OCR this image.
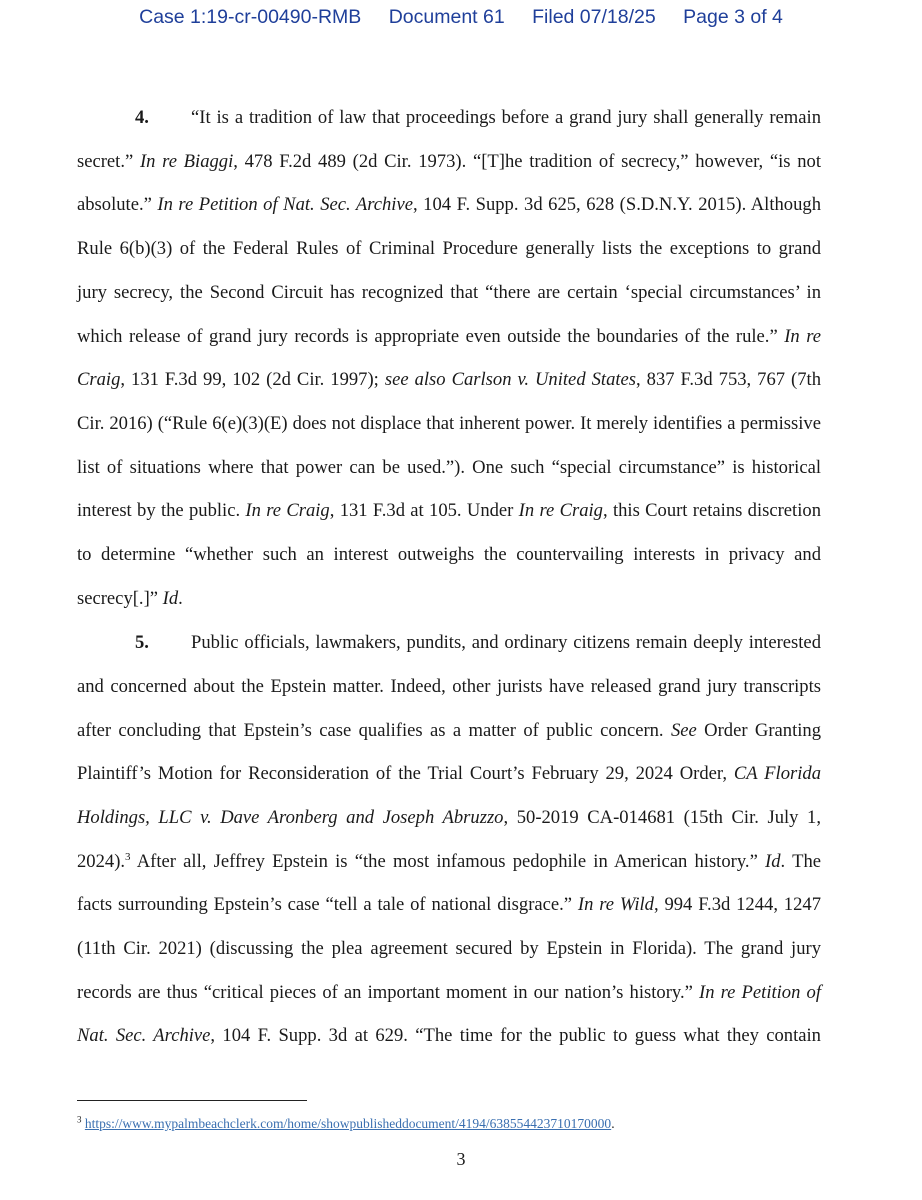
Case 1:19-cr-00490-RMB Document 61 Filed 07/18/25 Page 3 of 4
4. “It is a tradition of law that proceedings before a grand jury shall generally remain
secret.” In re Biaggi, 478 F.2d 489 (2d Cir. 1973). “[T]he tradition of secrecy,” however, “is not
absolute.” In re Petition of Nat. Sec. Archive, 104 F. Supp. 3d 625, 628 (S.D.N.Y. 2015). Although
Rule 6(b)(3) of the Federal Rules of Criminal Procedure generally lists the exceptions to grand
jury secrecy, the Second Circuit has recognized that “there are certain ‘special circumstances’ in
which release of grand jury records is appropriate even outside the boundaries of the rule.” In re
Craig, 131 F.3d 99, 102 (2d Cir. 1997); see also Carlson v. United States, 837 F.3d 753, 767 (7th
Cir. 2016) (“Rule 6(e)(3)(E) does not displace that inherent power. It merely identifies a permissive
list of situations where that power can be used.”). One such “special circumstance” is historical
interest by the public. In re Craig, 131 F.3d at 105. Under In re Craig, this Court retains discretion
to determine “whether such an interest outweighs the countervailing interests in privacy and
secrecy[.]” Id.
5. Public officials, lawmakers, pundits, and ordinary citizens remain deeply interested
and concerned about the Epstein matter. Indeed, other jurists have released grand jury transcripts
after concluding that Epstein’s case qualifies as a matter of public concern. See Order Granting
Plaintiff’s Motion for Reconsideration of the Trial Court’s February 29, 2024 Order, CA Florida
Holdings, LLC v. Dave Aronberg and Joseph Abruzzo, 50-2019 CA-014681 (15th Cir. July 1,
2024).$^3$ After all, Jeffrey Epstein is “the most infamous pedophile in American history.” Id. The
facts surrounding Epstein’s case “tell a tale of national disgrace.” In re Wild, 994 F.3d 1244, 1247
(11th Cir. 2021) (discussing the plea agreement secured by Epstein in Florida). The grand jury
records are thus “critical pieces of an important moment in our nation’s history.” In re Petition of
Nat. Sec. Archive, 104 F. Supp. 3d at 629. “The time for the public to guess what they contain
$^3$ https://www.mypalmbeachclerk.com/home/showpublisheddocument/4194/638554423710170000.
3
